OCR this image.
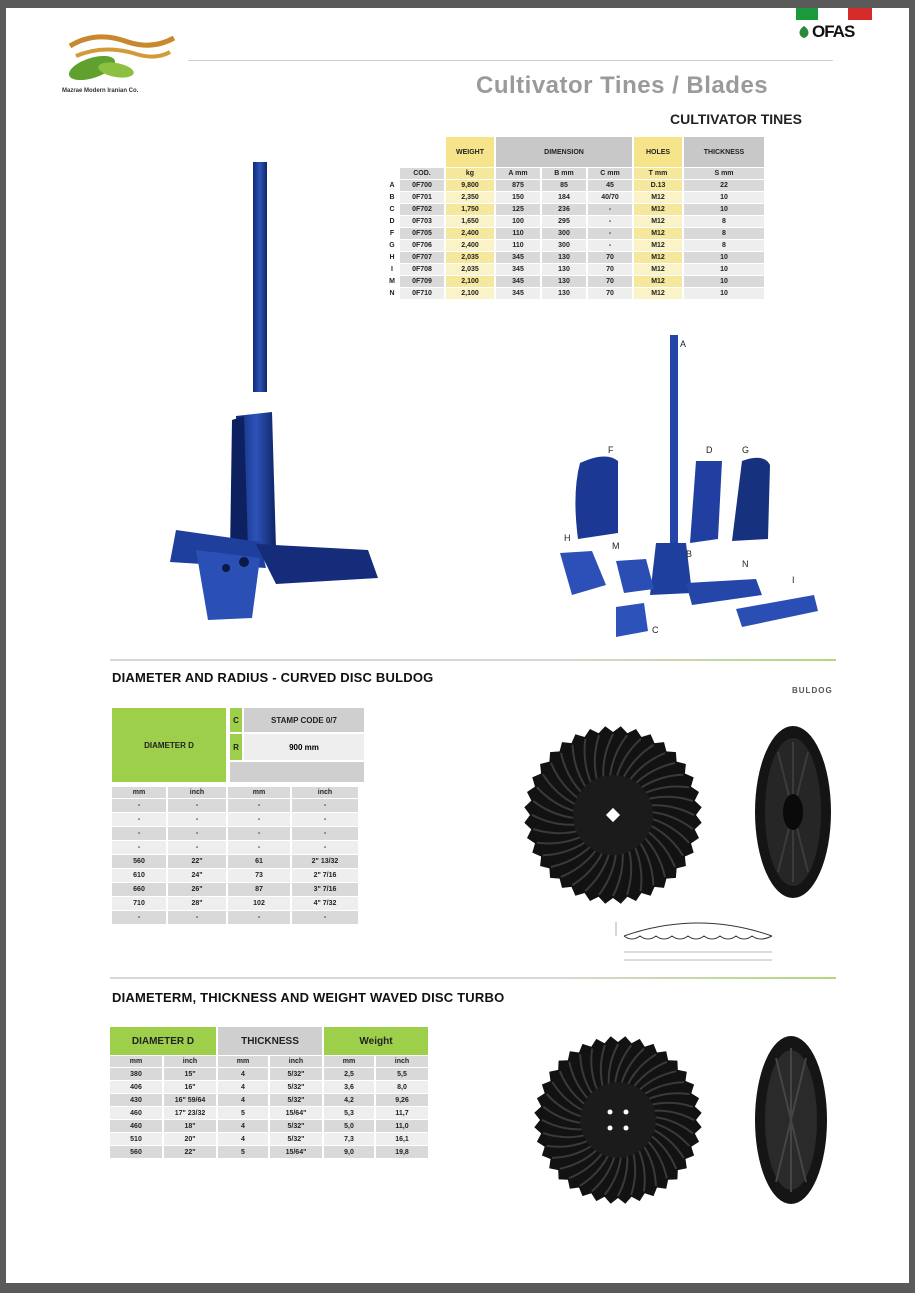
Mazrae Modern Iranian Co.
OFAS
Cultivator Tines / Blades
CULTIVATOR TINES
		WEIGHT	DIMENSION			HOLES	THICKNESS
	COD.	kg	A mm	B mm	C mm	T mm	S mm
A	0F700	9,800	875	85	45	D.13	22
B	0F701	2,350	150	184	40/70	M12	10
C	0F702	1,750	125	236	-	M12	10
D	0F703	1,650	100	295	-	M12	8
F	0F705	2,400	110	300	-	M12	8
G	0F706	2,400	110	300	-	M12	8
H	0F707	2,035	345	130	70	M12	10
I	0F708	2,035	345	130	70	M12	10
M	0F709	2,100	345	130	70	M12	10
N	0F710	2,100	345	130	70	M12	10
A
F	D	G
H
M
B
N
I
C
DIAMETER AND RADIUS - CURVED DISC BULDOG
BULDOG
DIAMETER D
C	STAMP CODE 0/7
R	900 mm
mm	inch	mm	inch
-	-	-	-
-	-	-	-
-	-	-	-
-	-	-	-
560	22"	61	2" 13/32
610	24"	73	2" 7/16
660	26"	87	3" 7/16
710	28"	102	4" 7/32
-	-	-	-
DIAMETERM, THICKNESS AND WEIGHT WAVED DISC TURBO
DIAMETER D		THICKNESS		Weight	
mm	inch	mm	inch	mm	inch
380	15"	4	5/32"	2,5	5,5
406	16"	4	5/32"	3,6	8,0
430	16" 59/64	4	5/32"	4,2	9,26
460	17" 23/32	5	15/64"	5,3	11,7
460	18"	4	5/32"	5,0	11,0
510	20"	4	5/32"	7,3	16,1
560	22"	5	15/64"	9,0	19,8
